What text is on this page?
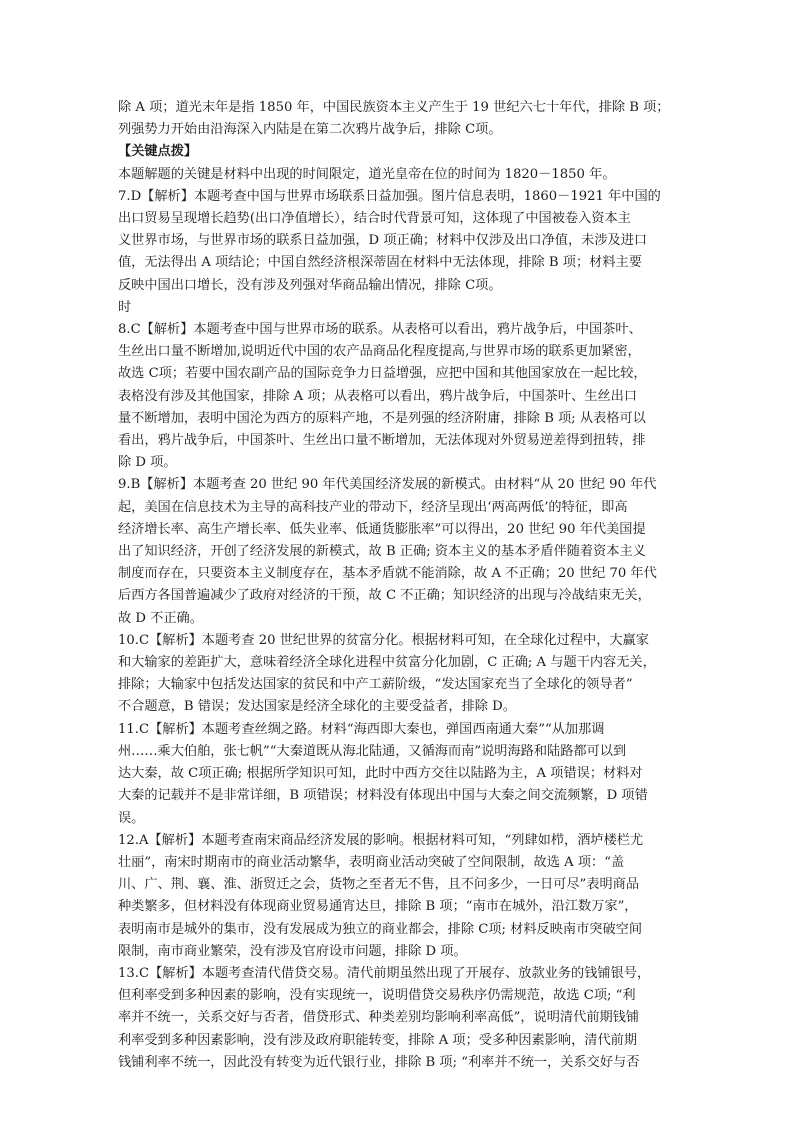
除 A 项；道光末年是指 1850 年，中国民族资本主义产生于 19 世纪六七十年代，排除 B 项；
列强势力开始由沿海深入内陆是在第二次鸦片战争后，排除 C项。

【关键点拨】

本题解题的关键是材料中出现的时间限定，道光皇帝在位的时间为 1820－1850 年。

7.D【解析】本题考查中国与世界市场联系日益加强。图片信息表明，1860－1921 年中国的
出口贸易呈现增长趋势(出口净值增长），结合时代背景可知，这体现了中国被卷入资本主
义世界市场，与世界市场的联系日益加强，D 项正确；材料中仅涉及出口净值，未涉及进口
值，无法得出 A 项结论；中国自然经济根深蒂固在材料中无法体现，排除 B 项；材料主要
反映中国出口增长，没有涉及列强对华商品输出情况，排除 C项。

时

8.C【解析】本题考查中国与世界市场的联系。从表格可以看出，鸦片战争后，中国茶叶、
生丝出口量不断增加,说明近代中国的农产品商品化程度提高,与世界市场的联系更加紧密，
故选 C项；若要中国农副产品的国际竞争力日益增强，应把中国和其他国家放在一起比较，
表格没有涉及其他国家，排除 A 项；从表格可以看出，鸦片战争后，中国茶叶、生丝出口
量不断增加，表明中国沦为西方的原料产地，不是列强的经济附庸，排除 B 项; 从表格可以
看出，鸦片战争后，中国茶叶、生丝出口量不断增加，无法体现对外贸易逆差得到扭转，排
除 D 项。

9.B【解析】本题考查 20 世纪 90 年代美国经济发展的新模式。由材料“从 20 世纪 90 年代
起，美国在信息技术为主导的高科技产业的带动下，经济呈现出‘两高两低’的特征，即高
经济增长率、高生产增长率、低失业率、低通货膨胀率”可以得出，20 世纪 90 年代美国提
出了知识经济，开创了经济发展的新模式，故 B 正确; 资本主义的基本矛盾伴随着资本主义
制度而存在，只要资本主义制度存在，基本矛盾就不能消除，故 A 不正确；20 世纪 70 年代
后西方各国普遍减少了政府对经济的干预，故 C 不正确；知识经济的出现与冷战结束无关，
故 D 不正确。

10.C【解析】本题考查 20 世纪世界的贫富分化。根据材料可知，在全球化过程中，大赢家
和大输家的差距扩大，意味着经济全球化进程中贫富分化加剧，C 正确; A 与题干内容无关，
排除；大输家中包括发达国家的贫民和中产工薪阶级，“发达国家充当了全球化的领导者”
不合题意，B 错误；发达国家是经济全球化的主要受益者，排除 D。

11.C【解析】本题考查丝绸之路。材料“海西即大秦也，弹国西南通大秦”“从加那调
州……乘大伯舶，张七帆”“大秦道既从海北陆通，又循海而南”说明海路和陆路都可以到
达大秦，故 C项正确; 根据所学知识可知，此时中西方交往以陆路为主，A 项错误；材料对
大秦的记载并不是非常详细，B 项错误；材料没有体现出中国与大秦之间交流频繁，D 项错
误。

12.A【解析】本题考查南宋商品经济发展的影响。根据材料可知，“列肆如栉，酒垆楼栏尤
壮丽”，南宋时期南市的商业活动繁华，表明商业活动突破了空间限制，故选 A 项：“盖
川、广、荆、襄、淮、浙贸迁之会，货物之至者无不售，且不问多少，一日可尽”表明商品
种类繁多，但材料没有体现商业贸易通宵达旦，排除 B 项；“南市在城外，沿江数万家”，
表明南市是城外的集市，没有发展成为独立的商业都会，排除 C项; 材料反映南市突破空间
限制，南市商业繁荣，没有涉及官府设市问题，排除 D 项。

13.C【解析】本题考查清代借贷交易。清代前期虽然出现了开展存、放款业务的钱铺银号，
但利率受到多种因素的影响，没有实现统一，说明借贷交易秩序仍需规范，故选 C项; “利
率并不统一，关系交好与否者，借贷形式、种类差别均影响利率高低”，说明清代前期钱铺
利率受到多种因素影响，没有涉及政府职能转变，排除 A 项；受多种因素影响，清代前期
钱铺利率不统一，因此没有转变为近代银行业，排除 B 项; “利率并不统一，关系交好与否
